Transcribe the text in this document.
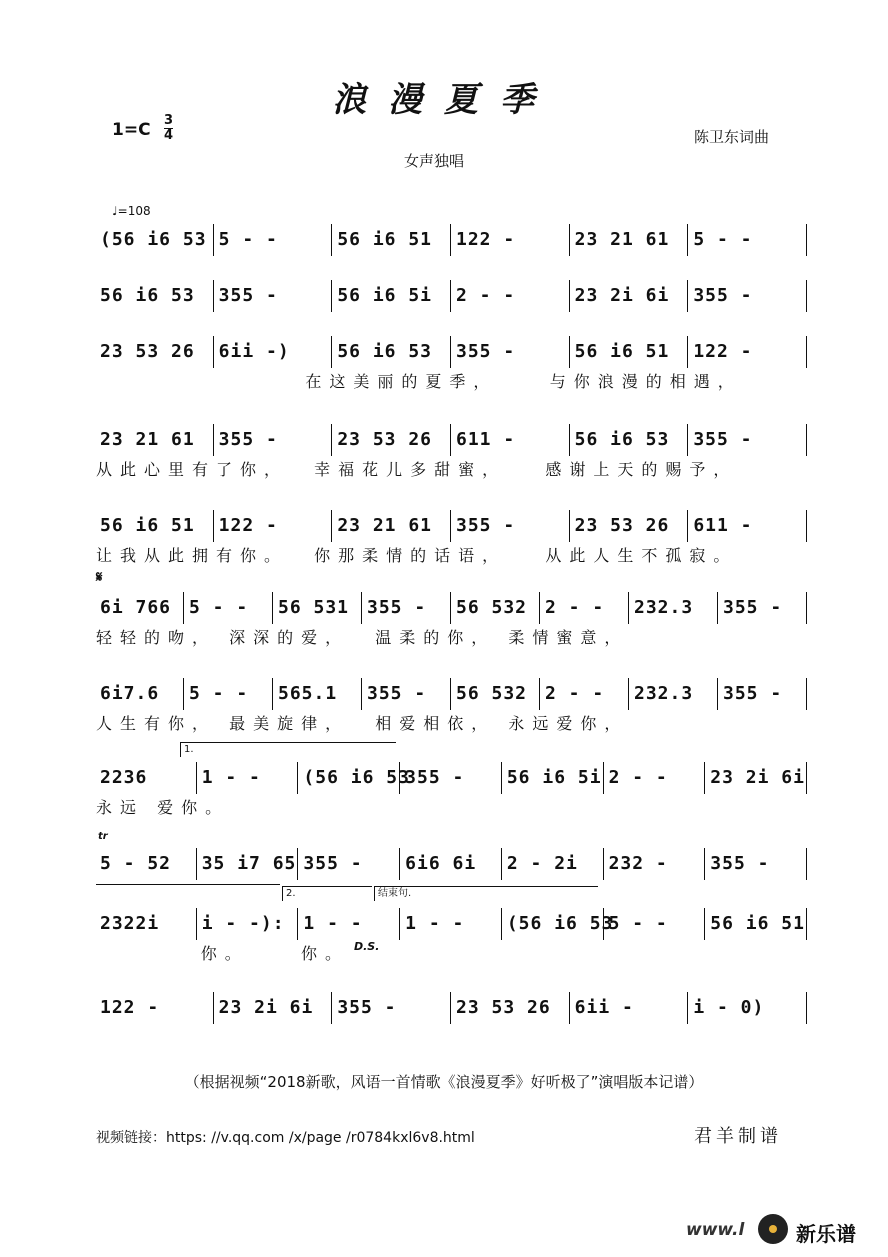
浪漫夏季
1=C 3
4	陈卫东词曲
女声独唱
♩=108
(56 i6 53 5 - -	56 i6 51 122 -	23 21 61 5 - -
56 i6 53 355 -	56 i6 5i 2 - -	23 2i 6i 355 -
23 53 26 6ii -)	56 i6 53 355 -	56 i6 51 122 -
在这美丽的夏季，    与你浪漫的相遇，
23 21 61 355 -	23 53 26 611 -	56 i6 53 355 -
从此心里有了你，  幸福花儿多甜蜜，   感谢上天的赐予，
56 i6 51 122 -	23 21 61 355 -	23 53 26 611 -
让我从此拥有你。  你那柔情的话语，   从此人生不孤寂。
6i 766 5 - - 56 531 355 - 56 532 2 - - 232.3 355 -
轻轻的吻， 深深的爱，  温柔的你， 柔情蜜意，
6i7.6 5 - - 565.1 355 - 56 532 2 - - 232.3 355 -
人生有你， 最美旋律，  相爱相依， 永远爱你，
2236	1 - - (56 i6 53
355 - 56 i6 5i 2 - - 23 2i 6i
永远 爱你。
5 - 52 35 i7 65 355 - 6i6 6i 2 - 2i 232 - 355 -
2322i i - -): 1 - - 1 - - (56 i6 53
5 - - 56 i6 51
你。    你。
122 -	23 2i 6i 355 -	23 53 26 6ii -	i - 0)
𝄋
tr
D.S.
1.
2.	结束句.
（根据视频“2018新歌，风语一首情歌《浪漫夏季》好听极了”演唱版本记谱）
视频链接：https: //v.qq.com /x/page /r0784kxl6v8.html	君羊制谱
www.l	新乐谱
